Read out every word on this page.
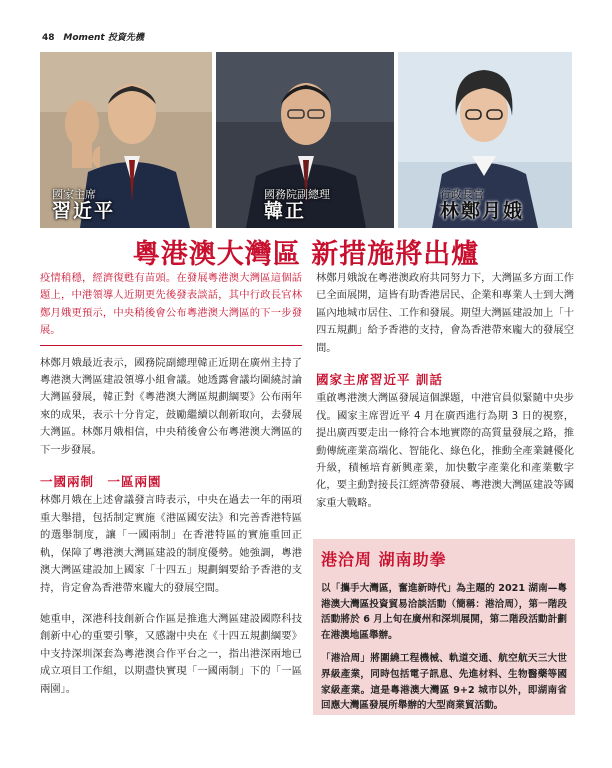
48 Moment 投資先機
國家主席
習近平
國務院副總理
韓正
行政長官
林鄭月娥
粵港澳大灣區 新措施將出爐

疫情稍穩，經濟復甦有苗頭。在發展粵港澳大灣區這個話題上，中港領導人近期更先後發表談話，其中行政長官林鄭月娥更預示，中央稍後會公布粵港澳大灣區的下一步發展。

林鄭月娥最近表示，國務院副總理韓正近期在廣州主持了粵港澳大灣區建設領導小組會議。她透露會議均圍繞討論大灣區發展，韓正對《粵港澳大灣區規劃綱要》公布兩年來的成果，表示十分肯定，鼓勵繼續以創新取向，去發展大灣區。林鄭月娥相信，中央稍後會公布粵港澳大灣區的下一步發展。

一國兩制　一區兩園

林鄭月娥在上述會議發言時表示，中央在過去一年的兩項重大舉措，包括制定實施《港區國安法》和完善香港特區的選舉制度，讓「一國兩制」在香港特區的實施重回正軌，保障了粵港澳大灣區建設的制度優勢。她強調，粵港澳大灣區建設加上國家「十四五」規劃綱要給予香港的支持，肯定會為香港帶來龐大的發展空間。

她重申，深港科技創新合作區是推進大灣區建設國際科技創新中心的重要引擎，又感謝中央在《十四五規劃綱要》中支持深圳深套為粵港澳合作平台之一，指出港深兩地已成立項目工作組，以期盡快實現「一國兩制」下的「一區兩園」。

林鄭月娥說在粵港澳政府共同努力下，大灣區多方面工作已全面展開，這皆有助香港居民、企業和專業人士到大灣區內地城市居住、工作和發展。期望大灣區建設加上「十四五規劃」給予香港的支持，會為香港帶來龐大的發展空間。

國家主席習近平 訓話

重啟粵港澳大灣區發展這個課題，中港官員似緊隨中央步伐。國家主席習近平 4 月在廣西進行為期 3 日的視察，提出廣西要走出一條符合本地實際的高質量發展之路，推動傳統產業高端化、智能化、綠色化，推動全產業鏈優化升級，積極培育新興產業，加快數字產業化和產業數字化，要主動對接長江經濟帶發展、粵港澳大灣區建設等國家重大戰略。

港洽周 湖南助拳

以「攜手大灣區，奮進新時代」為主題的 2021 湖南—粵港澳大灣區投資貿易洽談活動（簡稱：港洽周），第一階段活動將於 6 月上旬在廣州和深圳展開，第二階段活動計劃在港澳地區舉辦。

「港洽周」將圍繞工程機械、軌道交通、航空航天三大世界級產業，同時包括電子訊息、先進材料、生物醫藥等國家級產業。這是粵港澳大灣區 9+2 城市以外，即湖南省回應大灣區發展所舉辦的大型商業貿活動。
